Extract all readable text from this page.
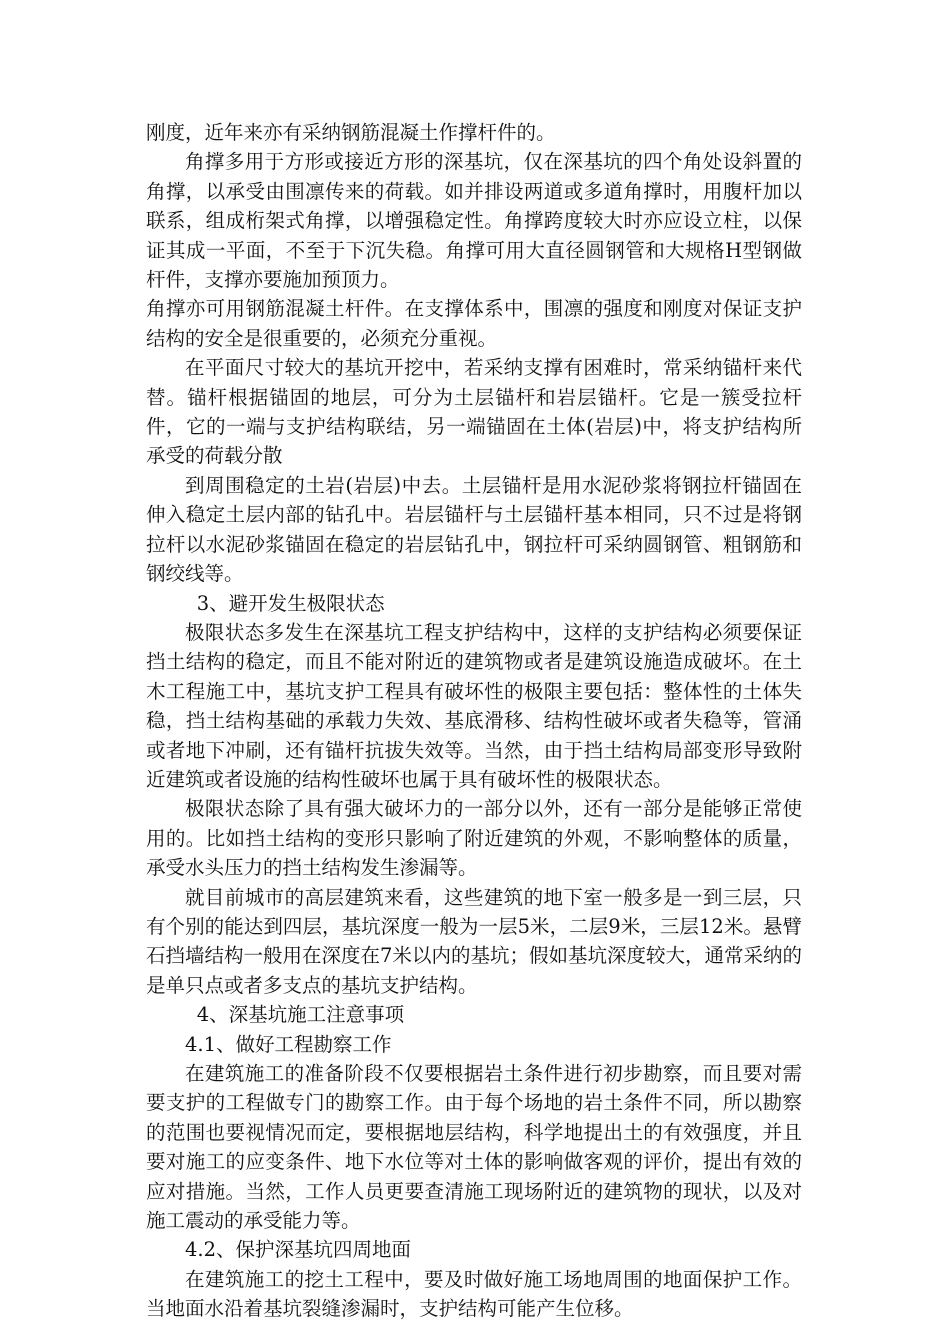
刚度，近年来亦有采纳钢筋混凝土作撑杆件的。

角撑多用于方形或接近方形的深基坑，仅在深基坑的四个角处设斜置的角撑，以承受由围凛传来的荷载。如并排设两道或多道角撑时，用腹杆加以联系，组成桁架式角撑，以增强稳定性。角撑跨度较大时亦应设立柱，以保证其成一平面，不至于下沉失稳。角撑可用大直径圆钢管和大规格H型钢做杆件，支撑亦要施加预顶力。

角撑亦可用钢筋混凝土杆件。在支撑体系中，围凛的强度和刚度对保证支护结构的安全是很重要的，必须充分重视。

在平面尺寸较大的基坑开挖中，若采纳支撑有困难时，常采纳锚杆来代替。锚杆根据锚固的地层，可分为土层锚杆和岩层锚杆。它是一簇受拉杆件，它的一端与支护结构联结，另一端锚固在土体(岩层)中，将支护结构所承受的荷载分散

到周围稳定的土岩(岩层)中去。土层锚杆是用水泥砂浆将钢拉杆锚固在伸入稳定土层内部的钻孔中。岩层锚杆与土层锚杆基本相同，只不过是将钢拉杆以水泥砂浆锚固在稳定的岩层钻孔中，钢拉杆可采纳圆钢管、粗钢筋和钢绞线等。

3、避开发生极限状态

极限状态多发生在深基坑工程支护结构中，这样的支护结构必须要保证挡土结构的稳定，而且不能对附近的建筑物或者是建筑设施造成破坏。在土木工程施工中，基坑支护工程具有破坏性的极限主要包括：整体性的土体失稳，挡土结构基础的承载力失效、基底滑移、结构性破坏或者失稳等，管涌或者地下冲刷，还有锚杆抗拔失效等。当然，由于挡土结构局部变形导致附近建筑或者设施的结构性破坏也属于具有破坏性的极限状态。

极限状态除了具有强大破坏力的一部分以外，还有一部分是能够正常使用的。比如挡土结构的变形只影响了附近建筑的外观，不影响整体的质量，承受水头压力的挡土结构发生渗漏等。

就目前城市的高层建筑来看，这些建筑的地下室一般多是一到三层，只有个别的能达到四层，基坑深度一般为一层5米，二层9米，三层12米。悬臂石挡墙结构一般用在深度在7米以内的基坑；假如基坑深度较大，通常采纳的是单只点或者多支点的基坑支护结构。

4、深基坑施工注意事项

4.1、做好工程勘察工作

在建筑施工的准备阶段不仅要根据岩土条件进行初步勘察，而且要对需要支护的工程做专门的勘察工作。由于每个场地的岩土条件不同，所以勘察的范围也要视情况而定，要根据地层结构，科学地提出土的有效强度，并且要对施工的应变条件、地下水位等对土体的影响做客观的评价，提出有效的应对措施。当然，工作人员更要查清施工现场附近的建筑物的现状，以及对施工震动的承受能力等。

4.2、保护深基坑四周地面

在建筑施工的挖土工程中，要及时做好施工场地周围的地面保护工作。当地面水沿着基坑裂缝渗漏时，支护结构可能产生位移。
